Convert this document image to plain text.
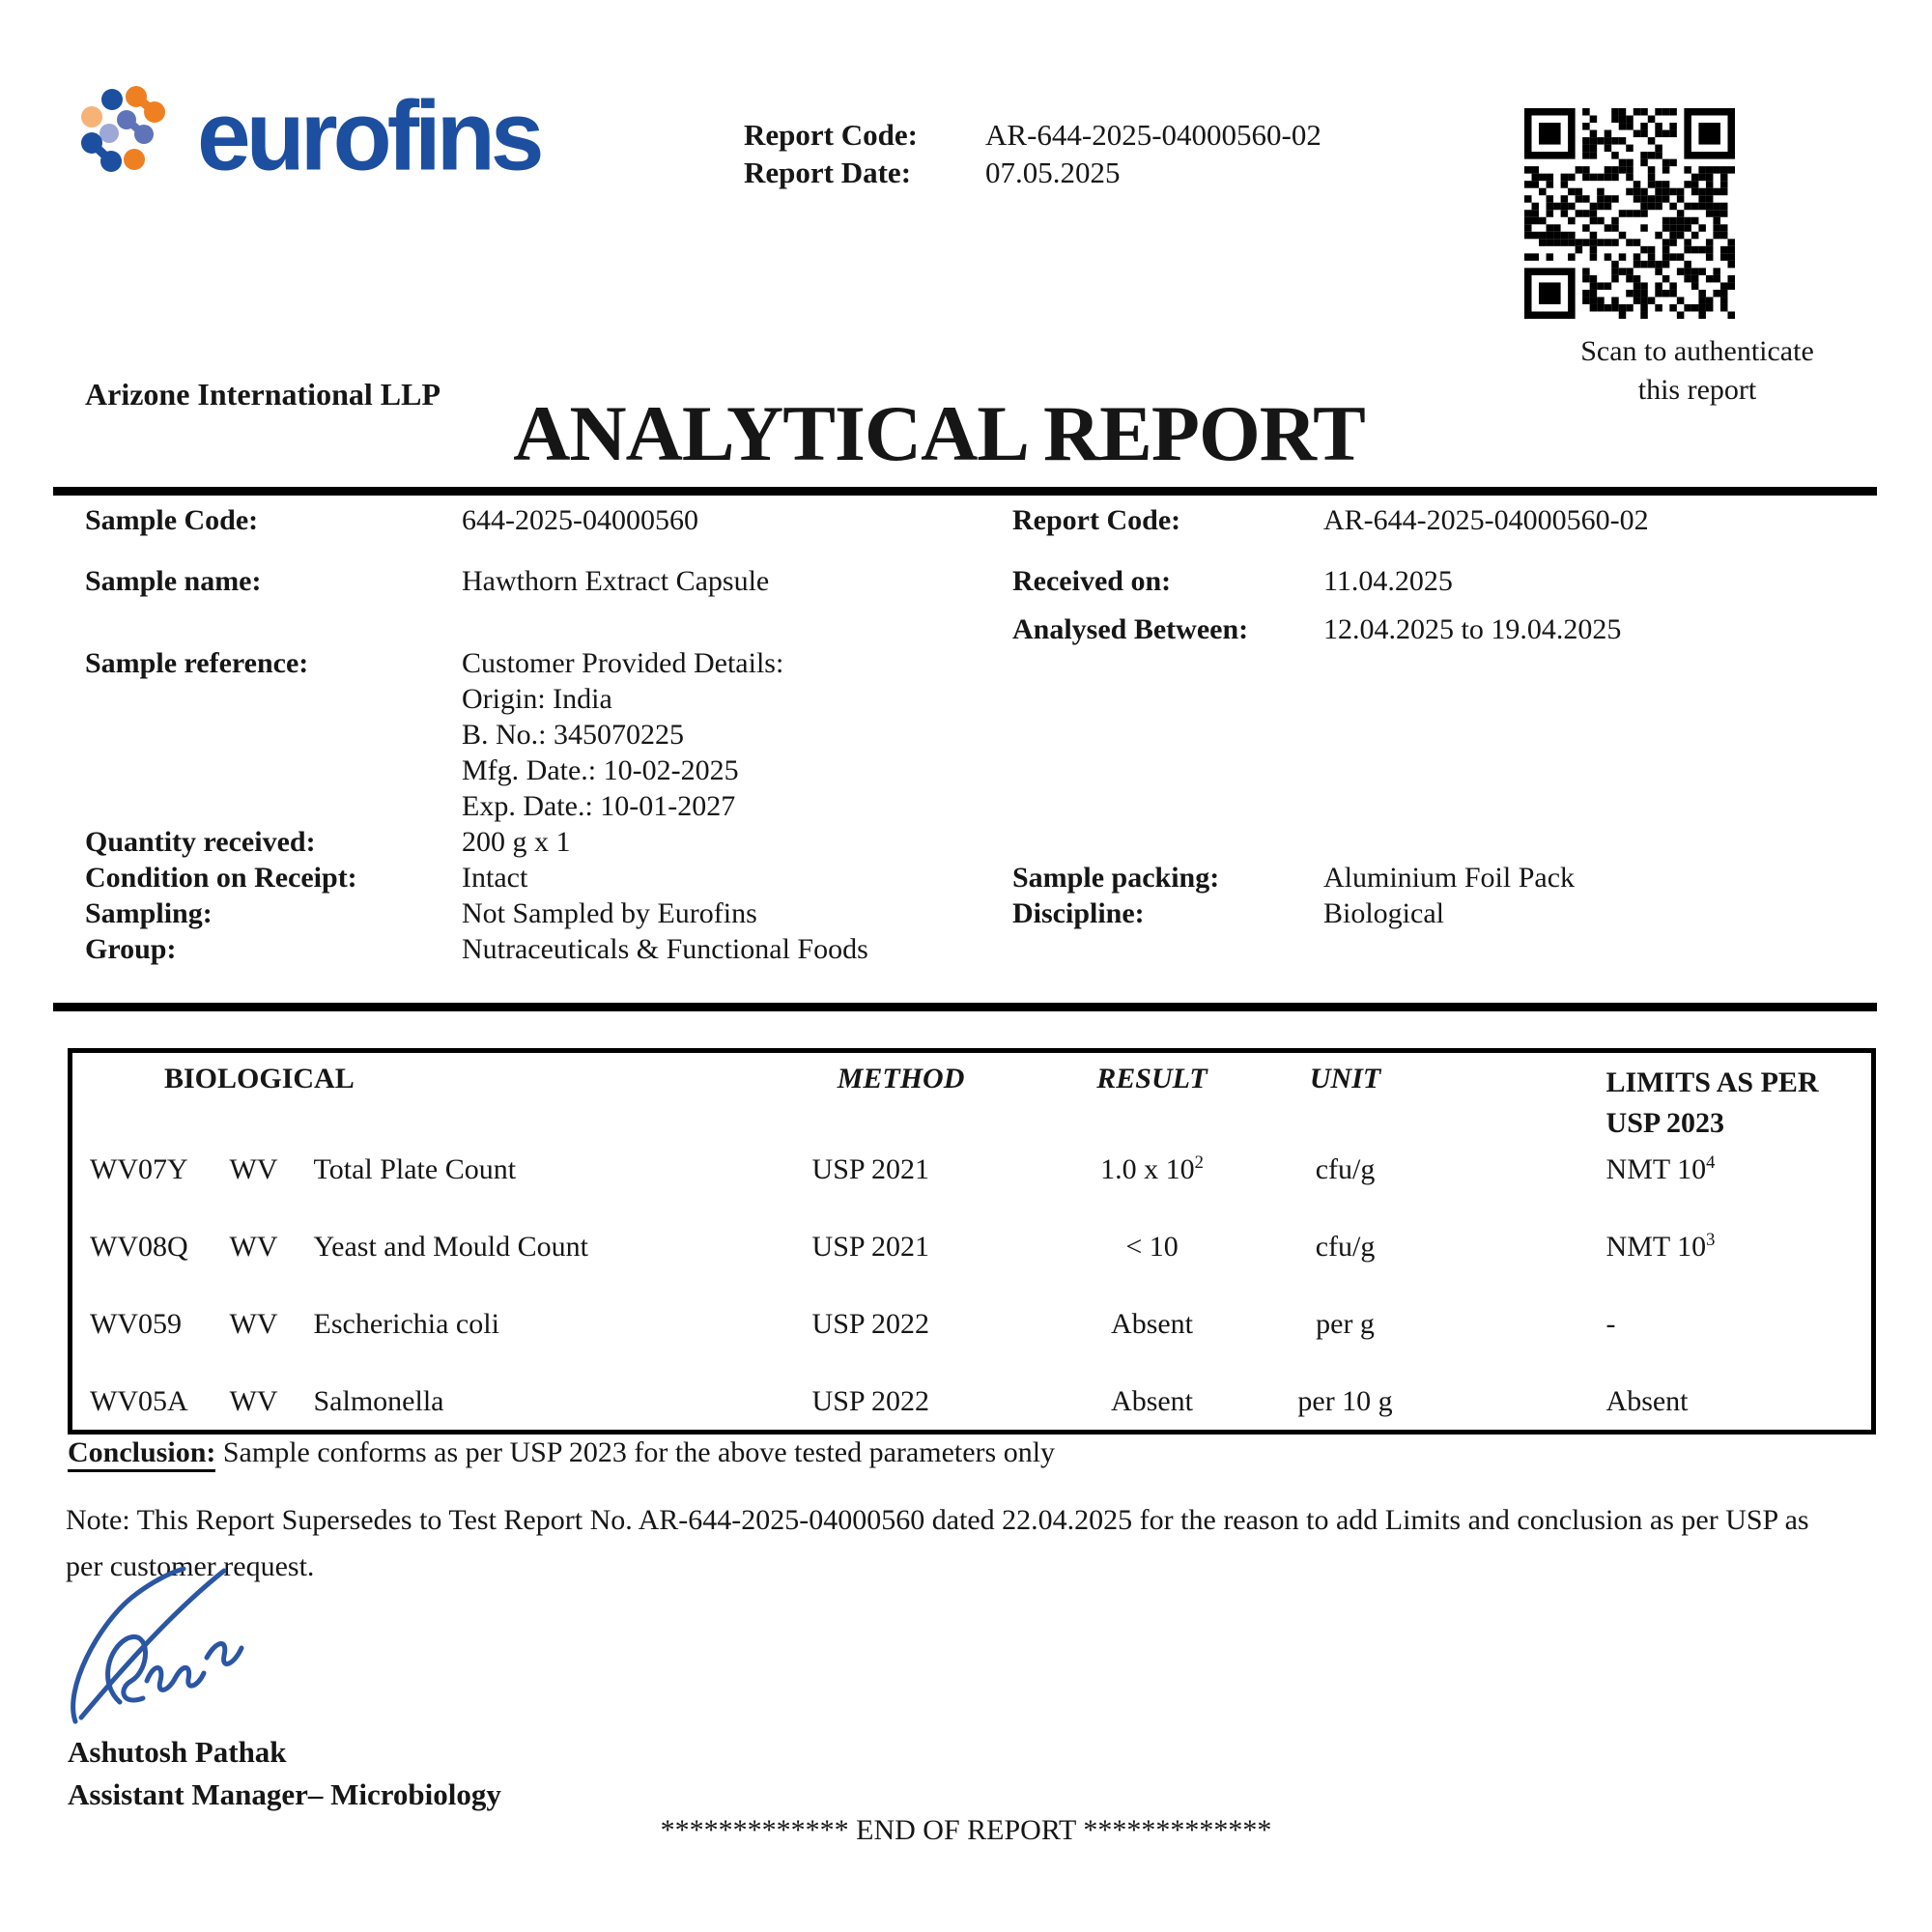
eurofins	Report Code:	AR-644-2025-04000560-02
Report Date:	07.05.2025
Scan to authenticate
this report
Arizone International LLP ANALYTICAL REPORT
Sample Code:	644-2025-04000560
Sample name:	Hawthorn Extract Capsule
Sample reference:	Customer Provided Details:
Origin: India
B. No.: 345070225
Mfg. Date.: 10-02-2025
Exp. Date.: 10-01-2027
Quantity received:	200 g x 1
Condition on Receipt:	Intact
Sampling:	Not Sampled by Eurofins
Group:	Nutraceuticals & Functional Foods
Report Code:	AR-644-2025-04000560-02
Received on:	11.04.2025
Analysed Between:	12.04.2025 to 19.04.2025
Sample packing:	Aluminium Foil Pack
Discipline:	Biological
BIOLOGICAL			METHOD	RESULT	UNIT	LIMITS AS PER
USP 2023

WV07Y	WV	Total Plate Count	USP 2021	1.0 x $10^2$	cfu/g	NMT $10^4$
WV08Q	WV	Yeast and Mould Count	USP 2021	< 10	cfu/g	NMT $10^3$
WV059	WV	Escherichia coli	USP 2022	Absent	per g	-
WV05A	WV	Salmonella	USP 2022	Absent	per 10 g	Absent
Conclusion: Sample conforms as per USP 2023 for the above tested parameters only
Note: This Report Supersedes to Test Report No. AR-644-2025-04000560 dated 22.04.2025 for the reason to add Limits and conclusion as per USP as per customer request.
Ashutosh Pathak
Assistant Manager– Microbiology
************* END OF REPORT *************
